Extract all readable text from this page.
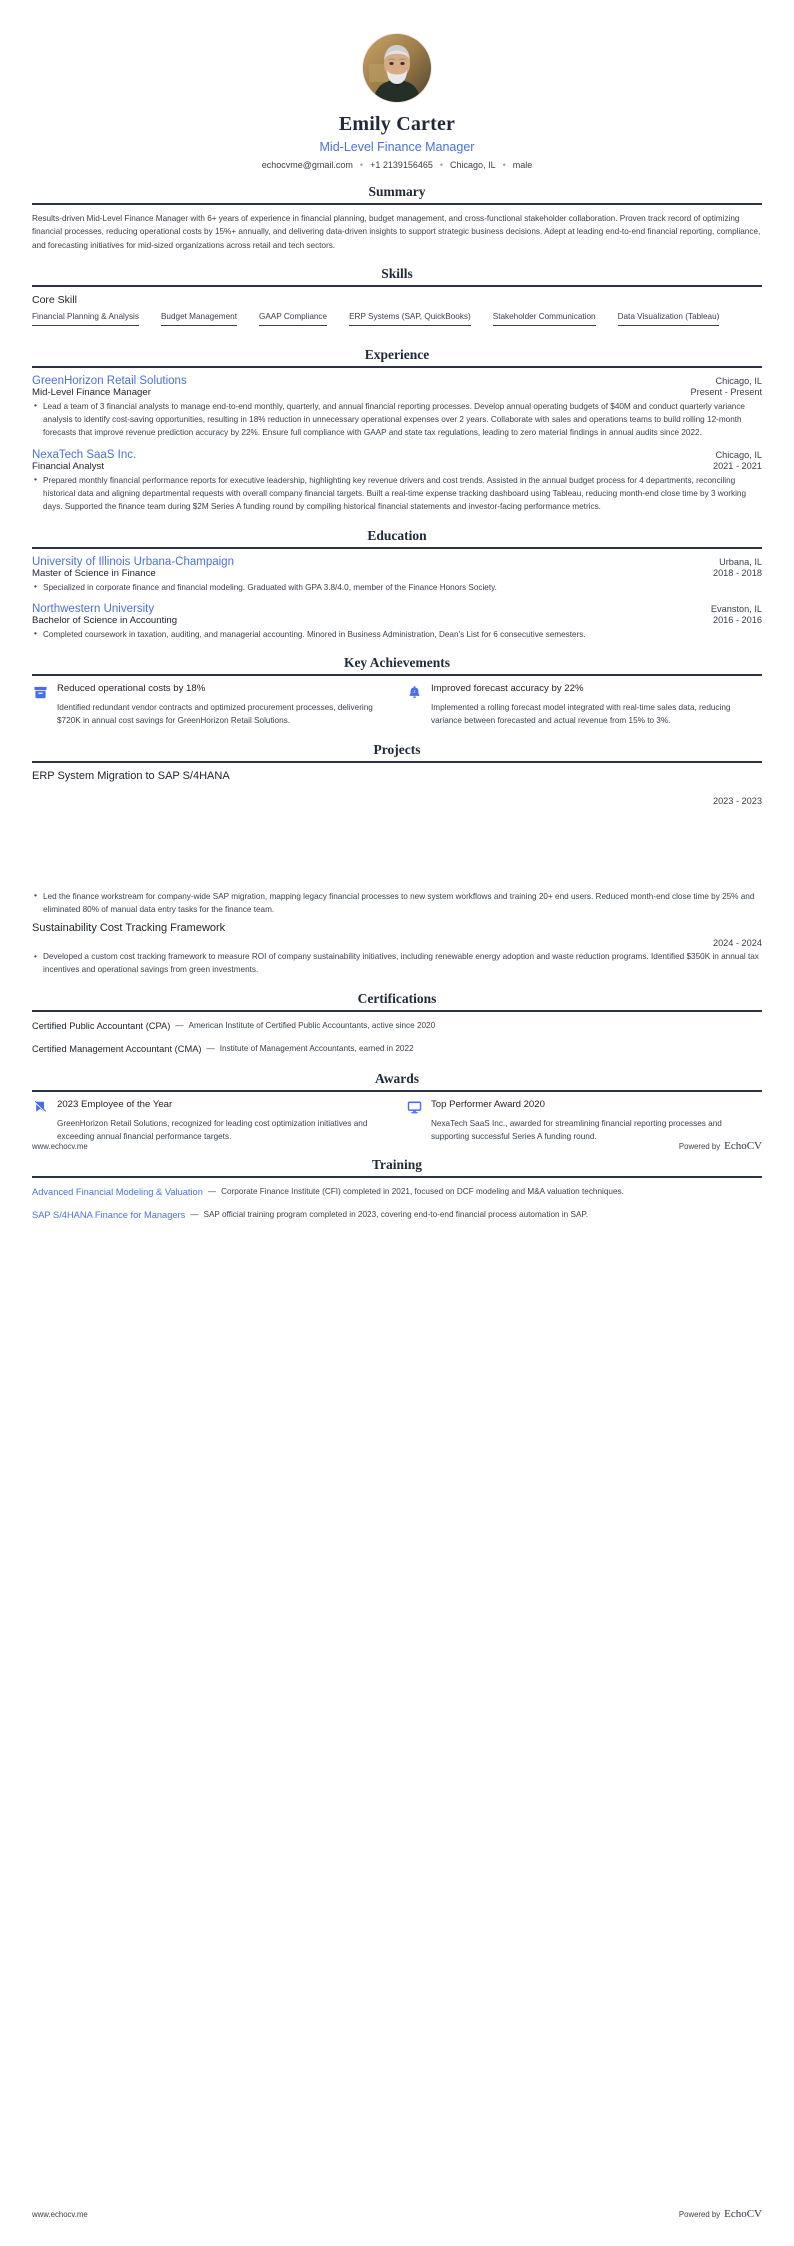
Emily Carter
Mid-Level Finance Manager
echocvme@gmail.com • +1 2139156465 • Chicago, IL • male
Summary

Results-driven Mid-Level Finance Manager with 6+ years of experience in financial planning, budget management, and cross-functional stakeholder collaboration. Proven track record of optimizing financial processes, reducing operational costs by 15%+ annually, and delivering data-driven insights to support strategic business decisions. Adept at leading end-to-end financial reporting, compliance, and forecasting initiatives for mid-sized organizations across retail and tech sectors.

Skills
Core Skill
Financial Planning & Analysis	Budget Management	GAAP Compliance	ERP Systems (SAP, QuickBooks)	Stakeholder Communication	Data Visualization (Tableau)
Experience
GreenHorizon Retail Solutions	Chicago, IL
Mid-Level Finance Manager	Present - Present
• Lead a team of 3 financial analysts to manage end-to-end monthly, quarterly, and annual financial reporting processes. Develop annual operating budgets of $40M and conduct quarterly variance analysis to identify cost-saving opportunities, resulting in 18% reduction in unnecessary operational expenses over 2 years. Collaborate with sales and operations teams to build rolling 12-month forecasts that improve revenue prediction accuracy by 22%. Ensure full compliance with GAAP and state tax regulations, leading to zero material findings in annual audits since 2022.
NexaTech SaaS Inc.	Chicago, IL
Financial Analyst	2021 - 2021
• Prepared monthly financial performance reports for executive leadership, highlighting key revenue drivers and cost trends. Assisted in the annual budget process for 4 departments, reconciling historical data and aligning departmental requests with overall company financial targets. Built a real-time expense tracking dashboard using Tableau, reducing month-end close time by 3 working days. Supported the finance team during $2M Series A funding round by compiling historical financial statements and investor-facing performance metrics.
Education
University of Illinois Urbana-Champaign	Urbana, IL
Master of Science in Finance	2018 - 2018
• Specialized in corporate finance and financial modeling. Graduated with GPA 3.8/4.0, member of the Finance Honors Society.
Northwestern University	Evanston, IL
Bachelor of Science in Accounting	2016 - 2016
• Completed coursework in taxation, auditing, and managerial accounting. Minored in Business Administration, Dean's List for 6 consecutive semesters.
Key Achievements
Reduced operational costs by 18%
Identified redundant vendor contracts and optimized procurement processes, delivering $720K in annual cost savings for GreenHorizon Retail Solutions.
z Improved forecast accuracy by 22%
Implemented a rolling forecast model integrated with real-time sales data, reducing variance between forecasted and actual revenue from 15% to 3%.
Projects
ERP System Migration to SAP S/4HANA
2023 - 2023
www.echocv.me	Powered by EchoCV
• Led the finance workstream for company-wide SAP migration, mapping legacy financial processes to new system workflows and training 20+ end users. Reduced month-end close time by 25% and eliminated 80% of manual data entry tasks for the finance team.
Sustainability Cost Tracking Framework
2024 - 2024
• Developed a custom cost tracking framework to measure ROI of company sustainability initiatives, including renewable energy adoption and waste reduction programs. Identified $350K in annual tax incentives and operational savings from green investments.
Certifications
Certified Public Accountant (CPA) — American Institute of Certified Public Accountants, active since 2020
Certified Management Accountant (CMA) — Institute of Management Accountants, earned in 2022
Awards
2023 Employee of the Year
GreenHorizon Retail Solutions, recognized for leading cost optimization initiatives and exceeding annual financial performance targets.
Top Performer Award 2020
NexaTech SaaS Inc., awarded for streamlining financial reporting processes and supporting successful Series A funding round.
Training
Advanced Financial Modeling & Valuation — Corporate Finance Institute (CFI) completed in 2021, focused on DCF modeling and M&A valuation techniques.
SAP S/4HANA Finance for Managers — SAP official training program completed in 2023, covering end-to-end financial process automation in SAP.
www.echocv.me	Powered by EchoCV
